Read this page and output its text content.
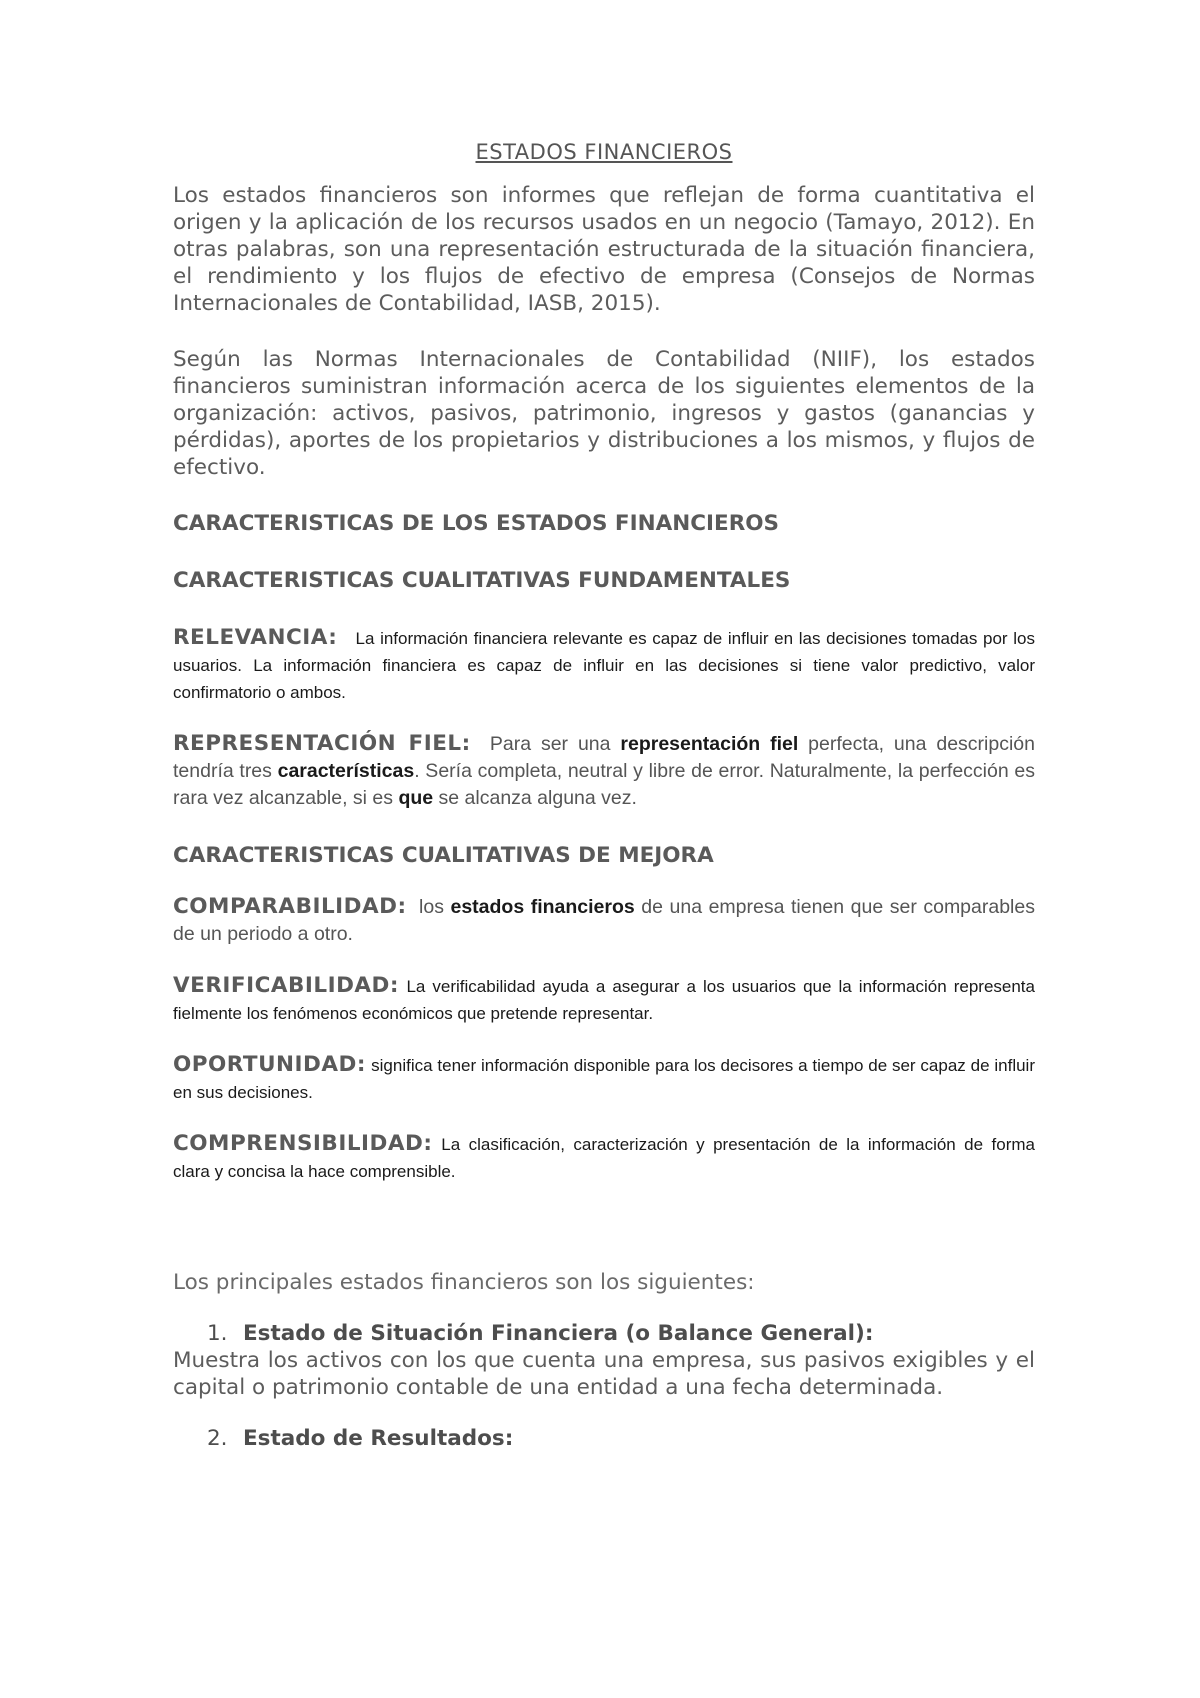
ESTADOS FINANCIEROS

Los estados financieros son informes que reflejan de forma cuantitativa el origen y la aplicación de los recursos usados en un negocio (Tamayo, 2012). En otras palabras, son una representación estructurada de la situación financiera, el rendimiento y los flujos de efectivo de empresa (Consejos de Normas Internacionales de Contabilidad, IASB, 2015).

Según las Normas Internacionales de Contabilidad (NIIF), los estados financieros suministran información acerca de los siguientes elementos de la organización: activos, pasivos, patrimonio, ingresos y gastos (ganancias y pérdidas), aportes de los propietarios y distribuciones a los mismos, y flujos de efectivo.

CARACTERISTICAS DE LOS ESTADOS FINANCIEROS
CARACTERISTICAS CUALITATIVAS FUNDAMENTALES

RELEVANCIA: La información financiera relevante es capaz de influir en las decisiones tomadas por los usuarios. La información financiera es capaz de influir en las decisiones si tiene valor predictivo, valor confirmatorio o ambos.

REPRESENTACIÓN FIEL: Para ser una representación fiel perfecta, una descripción tendría tres características. Sería completa, neutral y libre de error. Naturalmente, la perfección es rara vez alcanzable, si es que se alcanza alguna vez.

CARACTERISTICAS CUALITATIVAS DE MEJORA

COMPARABILIDAD: los estados financieros de una empresa tienen que ser comparables de un periodo a otro.

VERIFICABILIDAD: La verificabilidad ayuda a asegurar a los usuarios que la información representa fielmente los fenómenos económicos que pretende representar.

OPORTUNIDAD: significa tener información disponible para los decisores a tiempo de ser capaz de influir en sus decisiones.

COMPRENSIBILIDAD: La clasificación, caracterización y presentación de la información de forma clara y concisa la hace comprensible.

Los principales estados financieros son los siguientes:

1. Estado de Situación Financiera (o Balance General):

Muestra los activos con los que cuenta una empresa, sus pasivos exigibles y el capital o patrimonio contable de una entidad a una fecha determinada.

2. Estado de Resultados:
